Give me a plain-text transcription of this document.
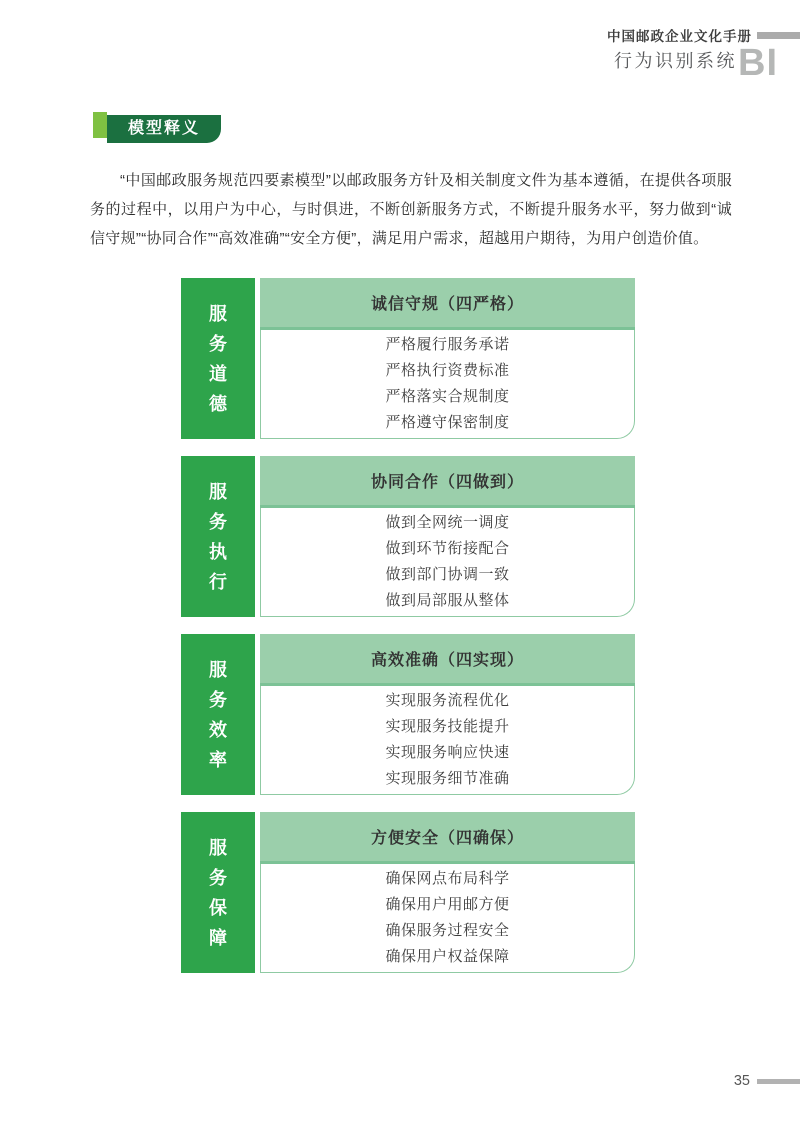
中国邮政企业文化手册
行为识别系统 BI
模型释义

“中国邮政服务规范四要素模型”以邮政服务方针及相关制度文件为基本遵循，在提供各项服务的过程中，以用户为中心，与时俱进，不断创新服务方式，不断提升服务水平，努力做到“诚信守规”“协同合作”“高效准确”“安全方便”，满足用户需求，超越用户期待，为用户创造价值。

服务道德
诚信守规（四严格）
严格履行服务承诺
严格执行资费标准
严格落实合规制度
严格遵守保密制度
服务执行
协同合作（四做到）
做到全网统一调度
做到环节衔接配合
做到部门协调一致
做到局部服从整体
服务效率
高效准确（四实现）
实现服务流程优化
实现服务技能提升
实现服务响应快速
实现服务细节准确
服务保障
方便安全（四确保）
确保网点布局科学
确保用户用邮方便
确保服务过程安全
确保用户权益保障
35
